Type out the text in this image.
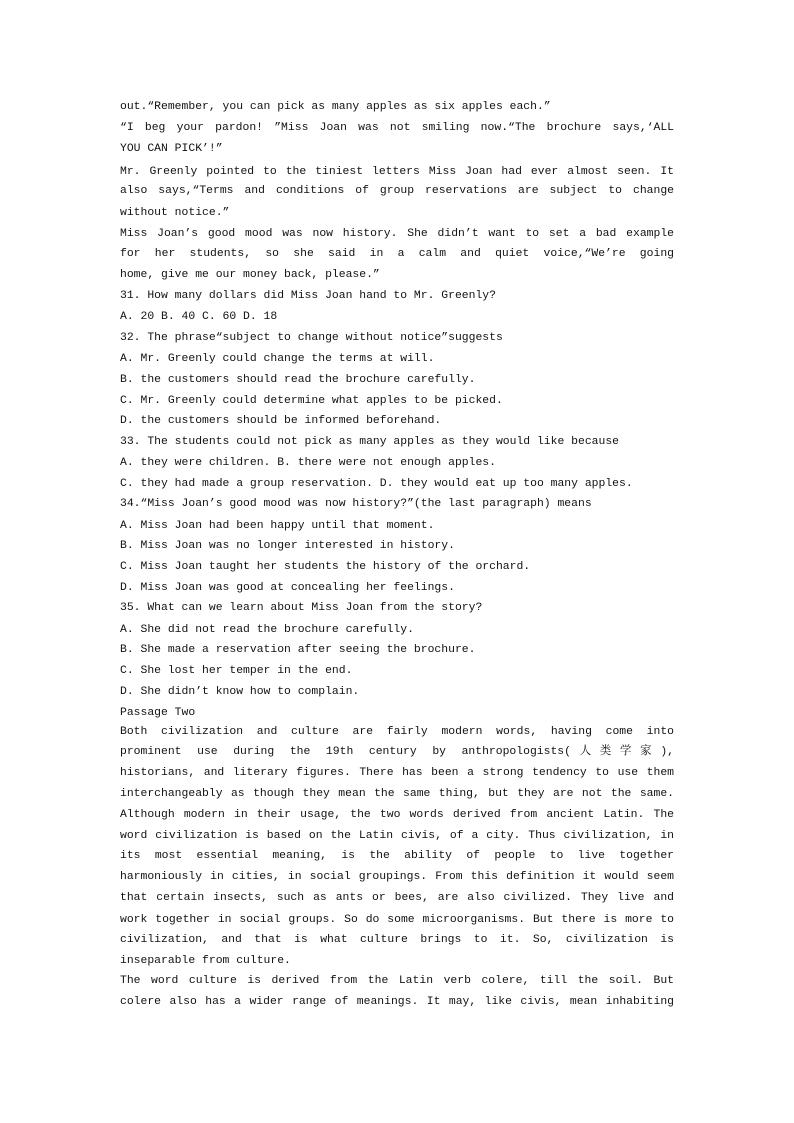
out.“Remember, you can pick as many apples as six apples each.”
“I beg your pardon! ”Miss Joan was not smiling now.“The brochure says,‘ALL
YOU CAN PICK’!”
Mr. Greenly pointed to the tiniest letters Miss Joan had ever almost seen. It
also says,“Terms and conditions of group reservations are subject to change
without notice.”
Miss Joan’s good mood was now history. She didn’t want to set a bad example
for her students, so she said in a calm and quiet voice,“We’re going
home, give me our money back, please.”
31. How many dollars did Miss Joan hand to Mr. Greenly?
A. 20 B. 40 C. 60 D. 18
32. The phrase“subject to change without notice”suggests
A. Mr. Greenly could change the terms at will.
B. the customers should read the brochure carefully.
C. Mr. Greenly could determine what apples to be picked.
D. the customers should be informed beforehand.
33. The students could not pick as many apples as they would like because
A. they were children. B. there were not enough apples.
C. they had made a group reservation. D. they would eat up too many apples.
34.“Miss Joan’s good mood was now history?”(the last paragraph) means
A. Miss Joan had been happy until that moment.
B. Miss Joan was no longer interested in history.
C. Miss Joan taught her students the history of the orchard.
D. Miss Joan was good at concealing her feelings.
35. What can we learn about Miss Joan from the story?
A. She did not read the brochure carefully.
B. She made a reservation after seeing the brochure.
C. She lost her temper in the end.
D. She didn’t know how to complain.
Passage Two
Both civilization and culture are fairly modern words, having come into
prominent use during the 19th century by anthropologists(人类学家),
historians, and literary figures. There has been a strong tendency to use them
interchangeably as though they mean the same thing, but they are not the same.
Although modern in their usage, the two words derived from ancient Latin. The
word civilization is based on the Latin civis, of a city. Thus civilization, in
its most essential meaning, is the ability of people to live together
harmoniously in cities, in social groupings. From this definition it would seem
that certain insects, such as ants or bees, are also civilized. They live and
work together in social groups. So do some microorganisms. But there is more to
civilization, and that is what culture brings to it. So, civilization is
inseparable from culture.
The word culture is derived from the Latin verb colere, till the soil. But
colere also has a wider range of meanings. It may, like civis, mean inhabiting
